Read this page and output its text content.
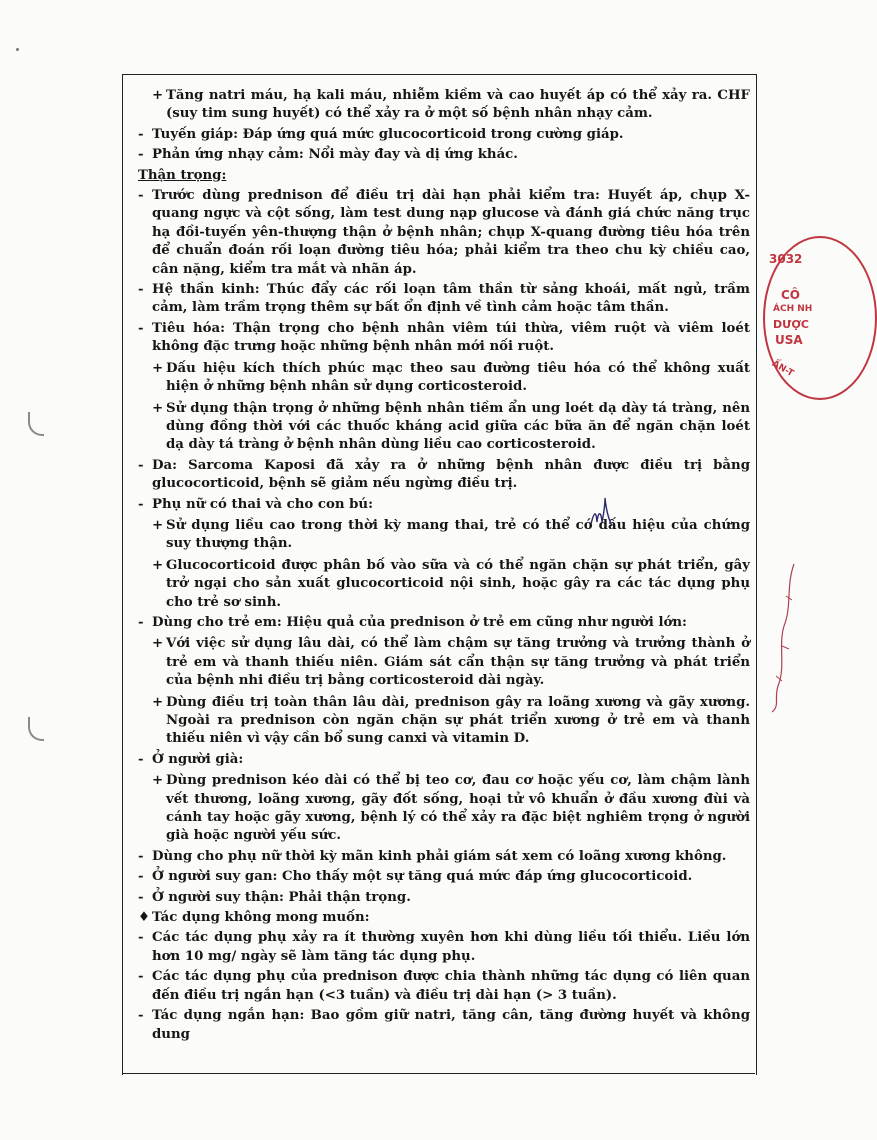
+ Tăng natri máu, hạ kali máu, nhiễm kiềm và cao huyết áp có thể xảy ra. CHF (suy tim sung huyết) có thể xảy ra ở một số bệnh nhân nhạy cảm.

- Tuyến giáp: Đáp ứng quá mức glucocorticoid trong cường giáp.

- Phản ứng nhạy cảm: Nổi mày đay và dị ứng khác.

Thận trọng:

- Trước dùng prednison để điều trị dài hạn phải kiểm tra: Huyết áp, chụp X-quang ngực và cột sống, làm test dung nạp glucose và đánh giá chức năng trục hạ đồi-tuyến yên-thượng thận ở bệnh nhân; chụp X-quang đường tiêu hóa trên để chuẩn đoán rối loạn đường tiêu hóa; phải kiểm tra theo chu kỳ chiều cao, cân nặng, kiểm tra mắt và nhãn áp.

- Hệ thần kinh: Thúc đẩy các rối loạn tâm thần từ sảng khoái, mất ngủ, trầm cảm, làm trầm trọng thêm sự bất ổn định về tình cảm hoặc tâm thần.

- Tiêu hóa: Thận trọng cho bệnh nhân viêm túi thừa, viêm ruột và viêm loét không đặc trưng hoặc những bệnh nhân mới nối ruột.

+ Dấu hiệu kích thích phúc mạc theo sau đường tiêu hóa có thể không xuất hiện ở những bệnh nhân sử dụng corticosteroid.

+ Sử dụng thận trọng ở những bệnh nhân tiềm ẩn ung loét dạ dày tá tràng, nên dùng đồng thời với các thuốc kháng acid giữa các bữa ăn để ngăn chặn loét dạ dày tá tràng ở bệnh nhân dùng liều cao corticosteroid.

- Da: Sarcoma Kaposi đã xảy ra ở những bệnh nhân được điều trị bằng glucocorticoid, bệnh sẽ giảm nếu ngừng điều trị.

- Phụ nữ có thai và cho con bú:

+ Sử dụng liều cao trong thời kỳ mang thai, trẻ có thể có dấu hiệu của chứng suy thượng thận.

+ Glucocorticoid được phân bố vào sữa và có thể ngăn chặn sự phát triển, gây trở ngại cho sản xuất glucocorticoid nội sinh, hoặc gây ra các tác dụng phụ cho trẻ sơ sinh.

- Dùng cho trẻ em: Hiệu quả của prednison ở trẻ em cũng như người lớn:

+ Với việc sử dụng lâu dài, có thể làm chậm sự tăng trưởng và trưởng thành ở trẻ em và thanh thiếu niên. Giám sát cẩn thận sự tăng trưởng và phát triển của bệnh nhi điều trị bằng corticosteroid dài ngày.

+ Dùng điều trị toàn thân lâu dài, prednison gây ra loãng xương và gãy xương. Ngoài ra prednison còn ngăn chặn sự phát triển xương ở trẻ em và thanh thiếu niên vì vậy cần bổ sung canxi và vitamin D.

- Ở người già:

+ Dùng prednison kéo dài có thể bị teo cơ, đau cơ hoặc yếu cơ, làm chậm lành vết thương, loãng xương, gãy đốt sống, hoại tử vô khuẩn ở đầu xương đùi và cánh tay hoặc gãy xương, bệnh lý có thể xảy ra đặc biệt nghiêm trọng ở người già hoặc người yếu sức.

- Dùng cho phụ nữ thời kỳ mãn kinh phải giám sát xem có loãng xương không.

- Ở người suy gan: Cho thấy một sự tăng quá mức đáp ứng glucocorticoid.

- Ở người suy thận: Phải thận trọng.

♦ Tác dụng không mong muốn:

- Các tác dụng phụ xảy ra ít thường xuyên hơn khi dùng liều tối thiểu. Liều lớn hơn 10 mg/ ngày sẽ làm tăng tác dụng phụ.

- Các tác dụng phụ của prednison được chia thành những tác dụng có liên quan đến điều trị ngắn hạn (<3 tuần) và điều trị dài hạn (> 3 tuần).

- Tác dụng ngắn hạn: Bao gồm giữ natri, tăng cân, tăng đường huyết và không dung

3032
CÔ
ÁCH NH
DƯỢC
USA
ẤN-T
